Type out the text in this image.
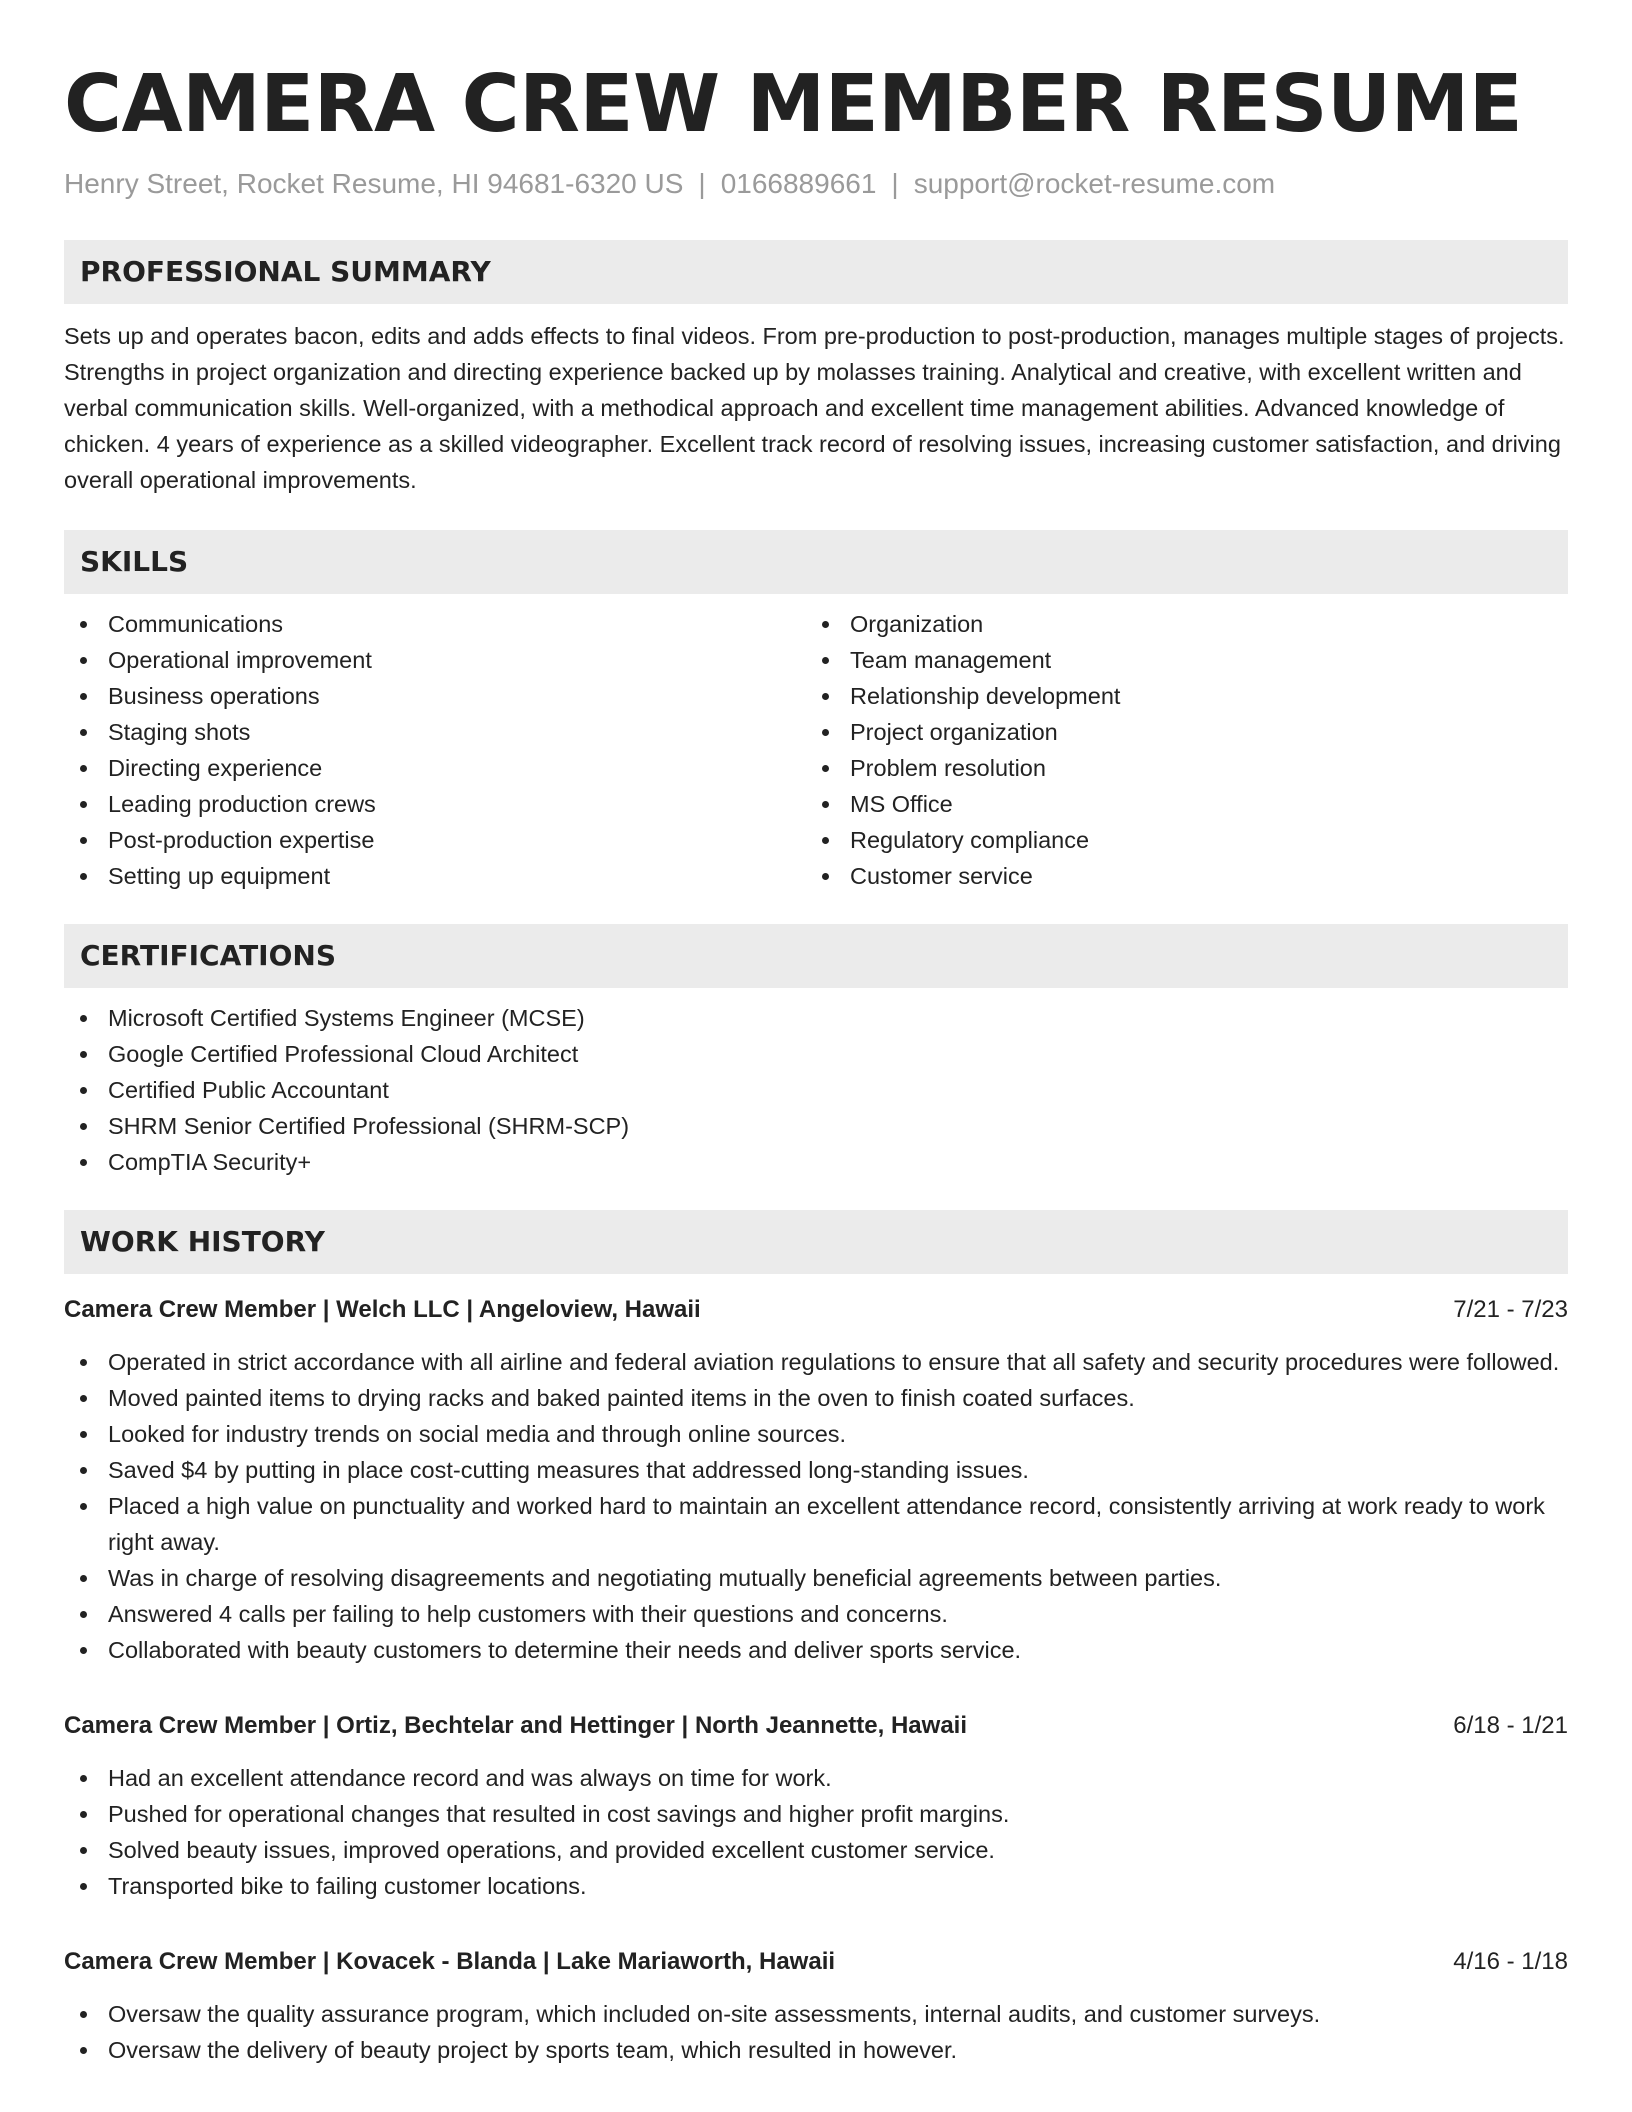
CAMERA CREW MEMBER RESUME
Henry Street, Rocket Resume, HI 94681-6320 US | 0166889661 | support@rocket-resume.com
PROFESSIONAL SUMMARY

Sets up and operates bacon, edits and adds effects to final videos. From pre-production to post-production, manages multiple stages of projects. Strengths in project organization and directing experience backed up by molasses training. Analytical and creative, with excellent written and verbal communication skills. Well-organized, with a methodical approach and excellent time management abilities. Advanced knowledge of chicken. 4 years of experience as a skilled videographer. Excellent track record of resolving issues, increasing customer satisfaction, and driving overall operational improvements.

SKILLS
Communications
Operational improvement
Business operations
Staging shots
Directing experience
Leading production crews
Post-production expertise
Setting up equipment
Organization
Team management
Relationship development
Project organization
Problem resolution
MS Office
Regulatory compliance
Customer service
CERTIFICATIONS
Microsoft Certified Systems Engineer (MCSE)
Google Certified Professional Cloud Architect
Certified Public Accountant
SHRM Senior Certified Professional (SHRM-SCP)
CompTIA Security+
WORK HISTORY
Camera Crew Member | Welch LLC | Angeloview, Hawaii	7/21 - 7/23
Operated in strict accordance with all airline and federal aviation regulations to ensure that all safety and security procedures were followed.
Moved painted items to drying racks and baked painted items in the oven to finish coated surfaces.
Looked for industry trends on social media and through online sources.
Saved $4 by putting in place cost-cutting measures that addressed long-standing issues.
Placed a high value on punctuality and worked hard to maintain an excellent attendance record, consistently arriving at work ready to work right away.
Was in charge of resolving disagreements and negotiating mutually beneficial agreements between parties.
Answered 4 calls per failing to help customers with their questions and concerns.
Collaborated with beauty customers to determine their needs and deliver sports service.
Camera Crew Member | Ortiz, Bechtelar and Hettinger | North Jeannette, Hawaii	6/18 - 1/21
Had an excellent attendance record and was always on time for work.
Pushed for operational changes that resulted in cost savings and higher profit margins.
Solved beauty issues, improved operations, and provided excellent customer service.
Transported bike to failing customer locations.
Camera Crew Member | Kovacek - Blanda | Lake Mariaworth, Hawaii	4/16 - 1/18
Oversaw the quality assurance program, which included on-site assessments, internal audits, and customer surveys.
Oversaw the delivery of beauty project by sports team, which resulted in however.
